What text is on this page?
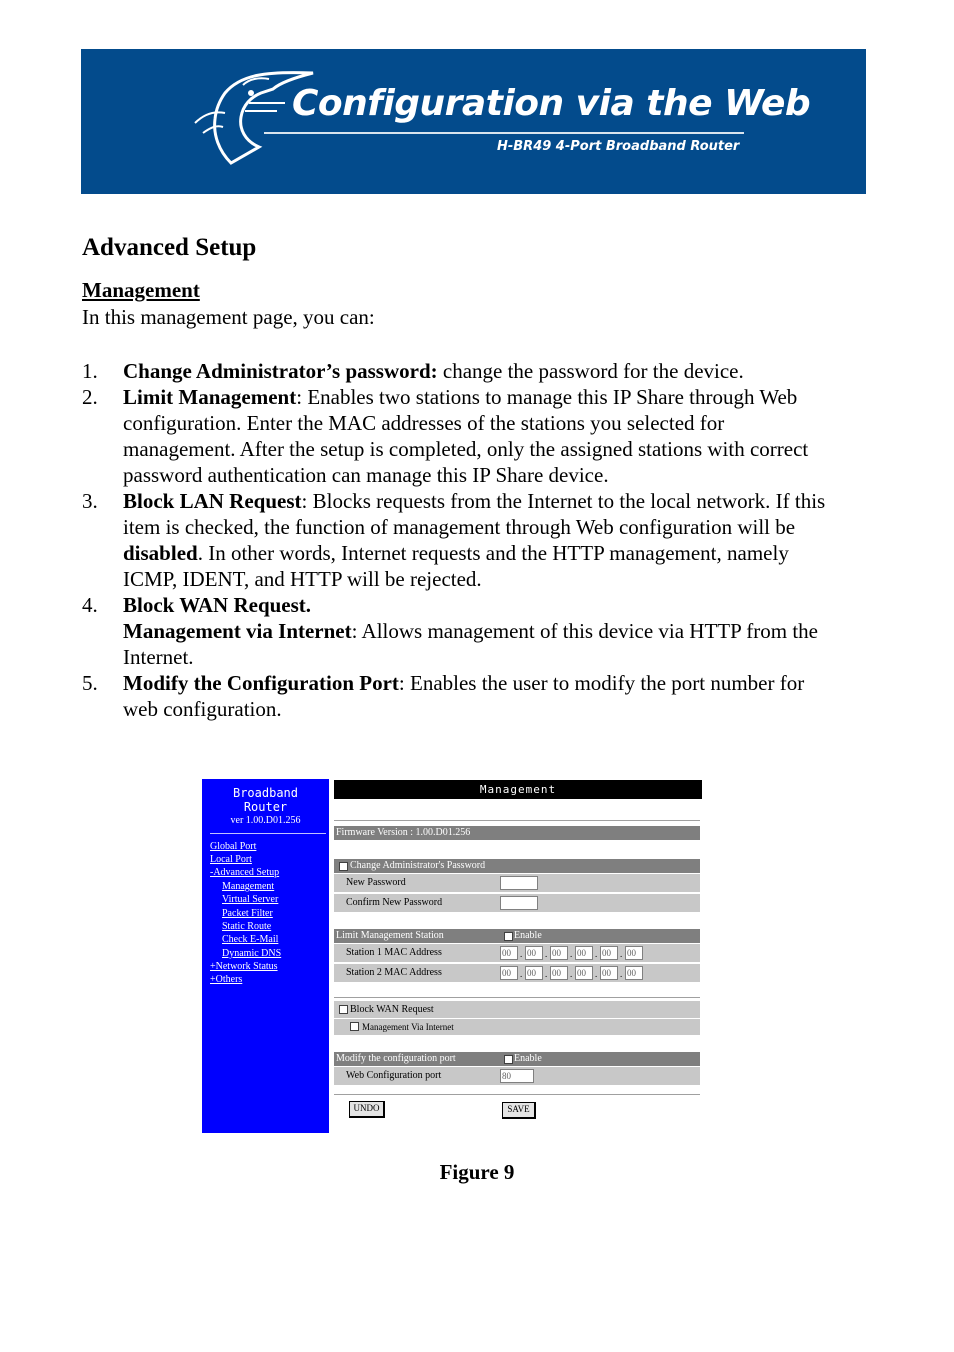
Configuration via the Web
H-BR49 4-Port Broadband Router
Advanced Setup
Management
In this management page, you can:
1. Change Administrator’s password: change the password for the device.
2. Limit Management: Enables two stations to manage this IP Share through Web configuration. Enter the MAC addresses of the stations you selected for management. After the setup is completed, only the assigned stations with correct password authentication can manage this IP Share device.
3. Block LAN Request: Blocks requests from the Internet to the local network. If this item is checked, the function of management through Web configuration will be disabled. In other words, Internet requests and the HTTP management, namely ICMP, IDENT, and HTTP will be rejected.
4. Block WAN Request.
Management via Internet: Allows management of this device via HTTP from the Internet.
5. Modify the Configuration Port: Enables the user to modify the port number for web configuration.
Broadband
Router
ver 1.00.D01.256
Global Port
Local Port
-Advanced Setup
Management
Virtual Server
Packet Filter
Static Route
Check E-Mail
Dynamic DNS
+Network Status
+Others
Management
Firmware Version : 1.00.D01.256
Change Administrator's Password
New Password
Confirm New Password
Limit Management Station	Enable
Station 1 MAC Address	00	. 00	. 00	. 00	. 00	. 00
Station 2 MAC Address	00	. 00	. 00	. 00	. 00	. 00
Block WAN Request
Management Via Internet
Modify the configuration port	Enable
Web Configuration port	80
UNDO	SAVE
Figure 9
